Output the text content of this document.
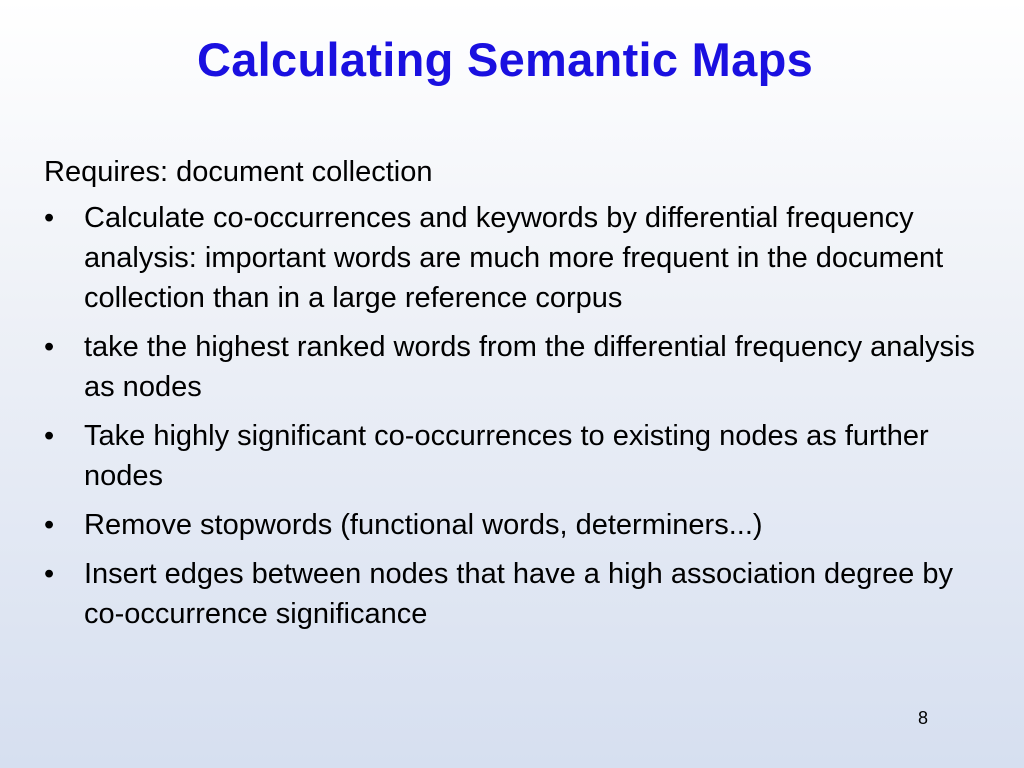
Calculating Semantic Maps

Requires: document collection

•	Calculate co-occurrences and keywords by differential frequency analysis: important words are much more frequent in the document collection than in a large reference corpus
•	take the highest ranked words from the differential frequency analysis as nodes
•	Take highly significant co-occurrences to existing nodes as further nodes
•	Remove stopwords (functional words, determiners...)
•	Insert edges between nodes that have a high association degree by co-occurrence significance
8
